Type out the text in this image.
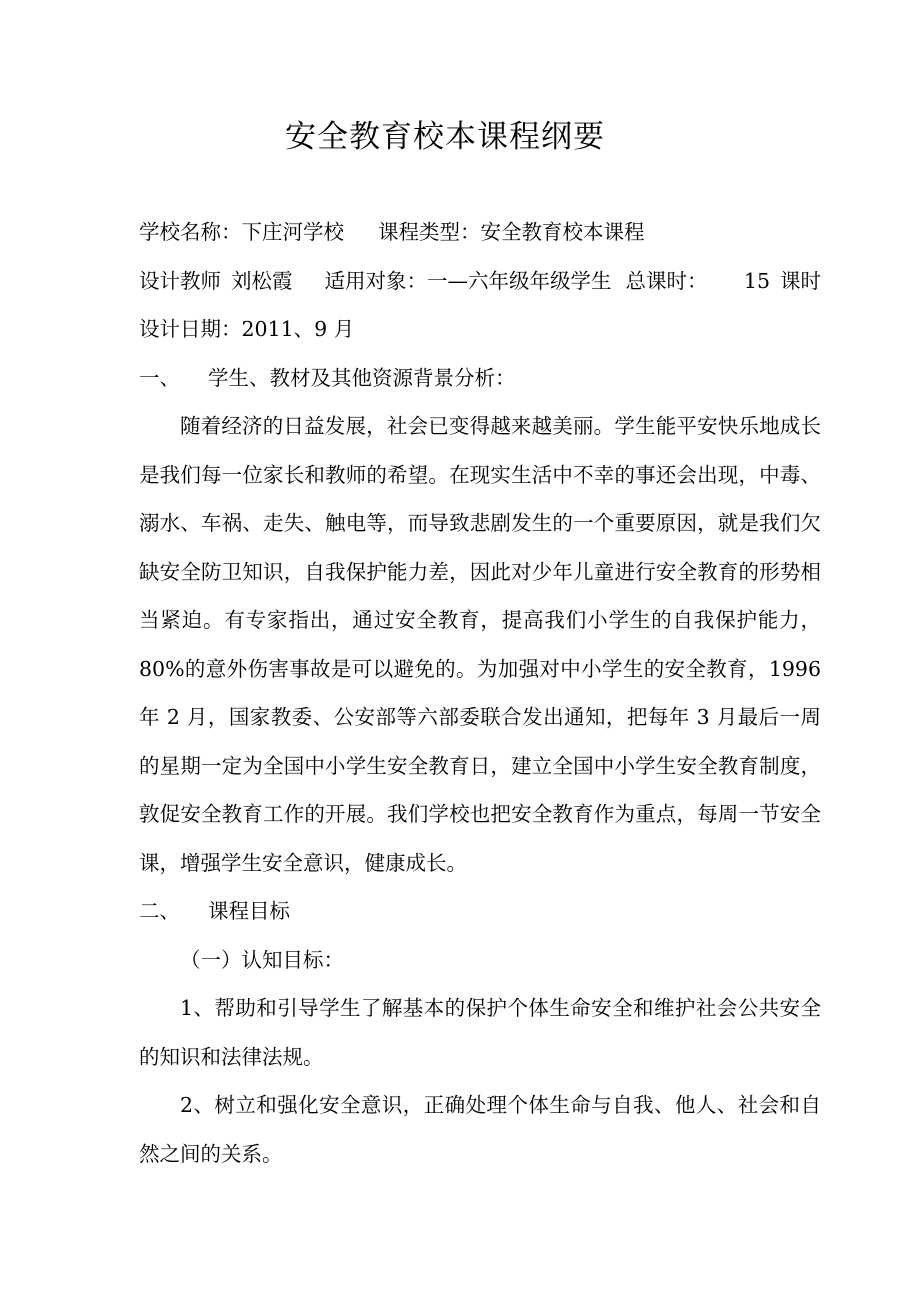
安全教育校本课程纲要

学校名称：下庄河学校 课程类型：安全教育校本课程

设计教师 刘松霞 适用对象：一—六年级年级学生 总课时： 15 课时

设计日期：2011、9 月

一、 学生、教材及其他资源背景分析：

随着经济的日益发展，社会已变得越来越美丽。学生能平安快乐地成长是我们每一位家长和教师的希望。在现实生活中不幸的事还会出现，中毒、溺水、车祸、走失、触电等，而导致悲剧发生的一个重要原因，就是我们欠缺安全防卫知识，自我保护能力差，因此对少年儿童进行安全教育的形势相当紧迫。有专家指出，通过安全教育，提高我们小学生的自我保护能力，80%的意外伤害事故是可以避免的。为加强对中小学生的安全教育，1996 年 2 月，国家教委、公安部等六部委联合发出通知，把每年 3 月最后一周的星期一定为全国中小学生安全教育日，建立全国中小学生安全教育制度，敦促安全教育工作的开展。我们学校也把安全教育作为重点，每周一节安全课，增强学生安全意识，健康成长。

二、 课程目标

（一）认知目标：

1、帮助和引导学生了解基本的保护个体生命安全和维护社会公共安全的知识和法律法规。

2、树立和强化安全意识，正确处理个体生命与自我、他人、社会和自然之间的关系。
